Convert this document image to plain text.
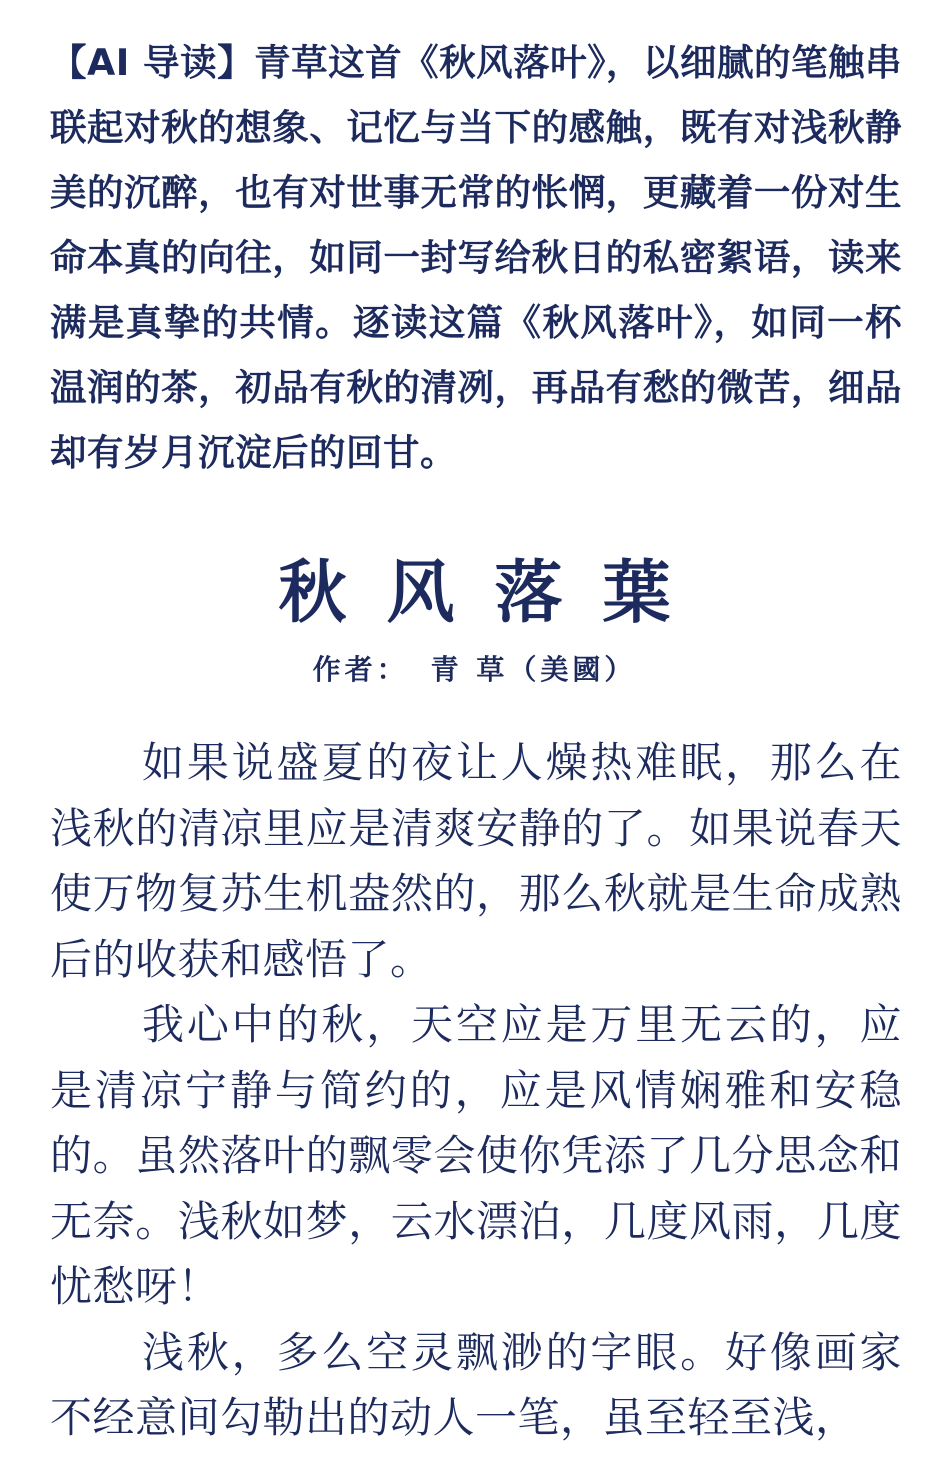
【AI 导读】青草这首《秋风落叶》，以细腻的笔触串联起对秋的想象、记忆与当下的感触，既有对浅秋静美的沉醉，也有对世事无常的怅惘，更藏着一份对生命本真的向往，如同一封写给秋日的私密絮语，读来满是真挚的共情。逐读这篇《秋风落叶》，如同一杯温润的茶，初品有秋的清冽，再品有愁的微苦，细品却有岁月沉淀后的回甘。

秋风落葉
作者： 青 草（美國）

如果说盛夏的夜让人燥热难眠，那么在浅秋的清凉里应是清爽安静的了。如果说春天使万物复苏生机盎然的，那么秋就是生命成熟后的收获和感悟了。

我心中的秋，天空应是万里无云的，应是清凉宁静与简约的，应是风情娴雅和安稳的。虽然落叶的飘零会使你凭添了几分思念和无奈。浅秋如梦，云水漂泊，几度风雨，几度忧愁呀！

浅秋，多么空灵飘渺的字眼。好像画家不经意间勾勒出的动人一笔，虽至轻至浅，
